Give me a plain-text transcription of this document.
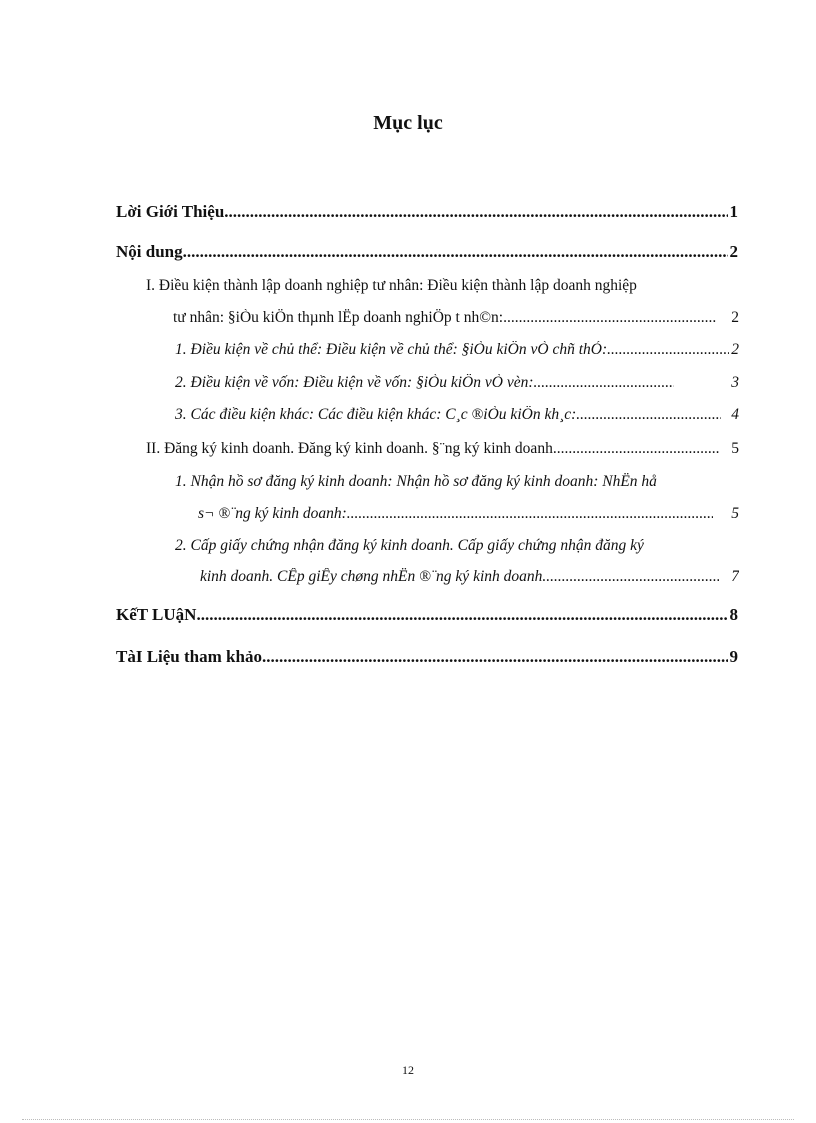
Mục lục
Lời Giới Thiệu .....	1
Nội dung .....	2
I. Điều kiện thành lập doanh nghiệp tư nhân: Điều kiện thành lập doanh nghiệp
tư nhân: §iÒu kiÖn thµnh lËp doanh nghiÖp t nh©n: .....	2
1. Điều kiện về chủ thể: Điều kiện về chủ thể: §iÒu kiÖn vÒ chñ thÓ: .....	2
2. Điều kiện về vốn: Điều kiện về vốn: §iÒu kiÖn vÒ vèn: .....	3
3. Các điều kiện khác: Các điều kiện khác: C¸c ®iÒu kiÖn kh¸c: .....	4
II. Đăng ký kinh doanh. Đăng ký kinh doanh. §¨ng ký kinh doanh .....	5
1. Nhận hồ sơ đăng ký kinh doanh: Nhận hồ sơ đăng ký kinh doanh: NhËn hå
s¬ ®¨ng ký kinh doanh: .....	5
2. Cấp giấy chứng nhận đăng ký kinh doanh. Cấp giấy chứng nhận đăng ký
kinh doanh. CÊp giÊy chøng nhËn ®¨ng ký kinh doanh. .....	7
KếT LUậN .....	8
TàI Liệu tham khảo .....	9
12
